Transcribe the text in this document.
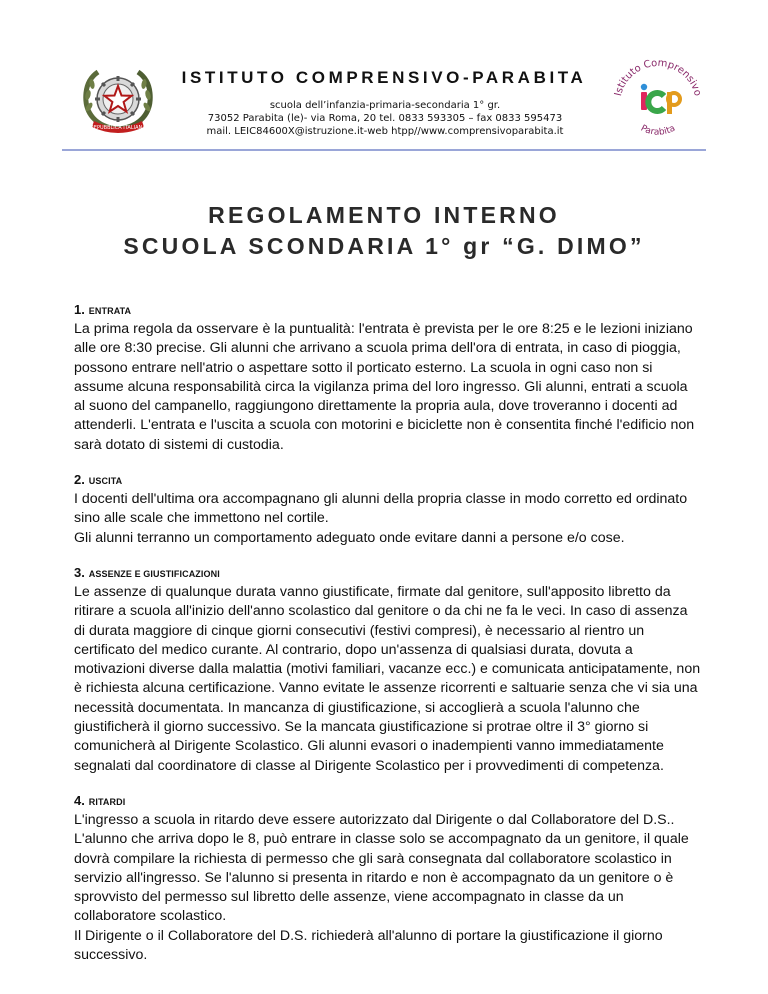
REPUBBLICA ITALIANA
ISTITUTO COMPRENSIVO-PARABITA
scuola dell’infanzia-primaria-secondaria 1° gr.
73052 Parabita (le)- via Roma, 20 tel. 0833 593305 – fax 0833 595473
mail. LEIC84600X@istruzione.it-web htpp//www.comprensivoparabita.it
Istituto Comprensivo
Parabita
icp
REGOLAMENTO INTERNO
SCUOLA SCONDARIA 1° gr “G. DIMO”
1. ENTRATA

La prima regola da osservare è la puntualità: l'entrata è prevista per le ore 8:25 e le lezioni iniziano alle ore 8:30 precise. Gli alunni che arrivano a scuola prima dell'ora di entrata, in caso di pioggia, possono entrare nell'atrio o aspettare sotto il porticato esterno. La scuola in ogni caso non si assume alcuna responsabilità circa la vigilanza prima del loro ingresso. Gli alunni, entrati a scuola al suono del campanello, raggiungono direttamente la propria aula, dove troveranno i docenti ad attenderli. L'entrata e l'uscita a scuola con motorini e biciclette non è consentita finché l'edificio non sarà dotato di sistemi di custodia.

2. USCITA

I docenti dell'ultima ora accompagnano gli alunni della propria classe in modo corretto ed ordinato sino alle scale che immettono nel cortile.

Gli alunni terranno un comportamento adeguato onde evitare danni a persone e/o cose.

3. ASSENZE E GIUSTIFICAZIONI

Le assenze di qualunque durata vanno giustificate, firmate dal genitore, sull'apposito libretto da ritirare a scuola all'inizio dell'anno scolastico dal genitore o da chi ne fa le veci. In caso di assenza di durata maggiore di cinque giorni consecutivi (festivi compresi), è necessario al rientro un certificato del medico curante. Al contrario, dopo un'assenza di qualsiasi durata, dovuta a motivazioni diverse dalla malattia (motivi familiari, vacanze ecc.) e comunicata anticipatamente, non è richiesta alcuna certificazione. Vanno evitate le assenze ricorrenti e saltuarie senza che vi sia una necessità documentata. In mancanza di giustificazione, si accoglierà a scuola l'alunno che giustificherà il giorno successivo. Se la mancata giustificazione si protrae oltre il 3° giorno si comunicherà al Dirigente Scolastico. Gli alunni evasori o inadempienti vanno immediatamente segnalati dal coordinatore di classe al Dirigente Scolastico per i provvedimenti di competenza.

4. RITARDI

L'ingresso a scuola in ritardo deve essere autorizzato dal Dirigente o dal Collaboratore del D.S.. L'alunno che arriva dopo le 8, può entrare in classe solo se accompagnato da un genitore, il quale dovrà compilare la richiesta di permesso che gli sarà consegnata dal collaboratore scolastico in servizio all'ingresso. Se l'alunno si presenta in ritardo e non è accompagnato da un genitore o è sprovvisto del permesso sul libretto delle assenze, viene accompagnato in classe da un collaboratore scolastico.

Il Dirigente o il Collaboratore del D.S. richiederà all'alunno di portare la giustificazione il giorno successivo.
